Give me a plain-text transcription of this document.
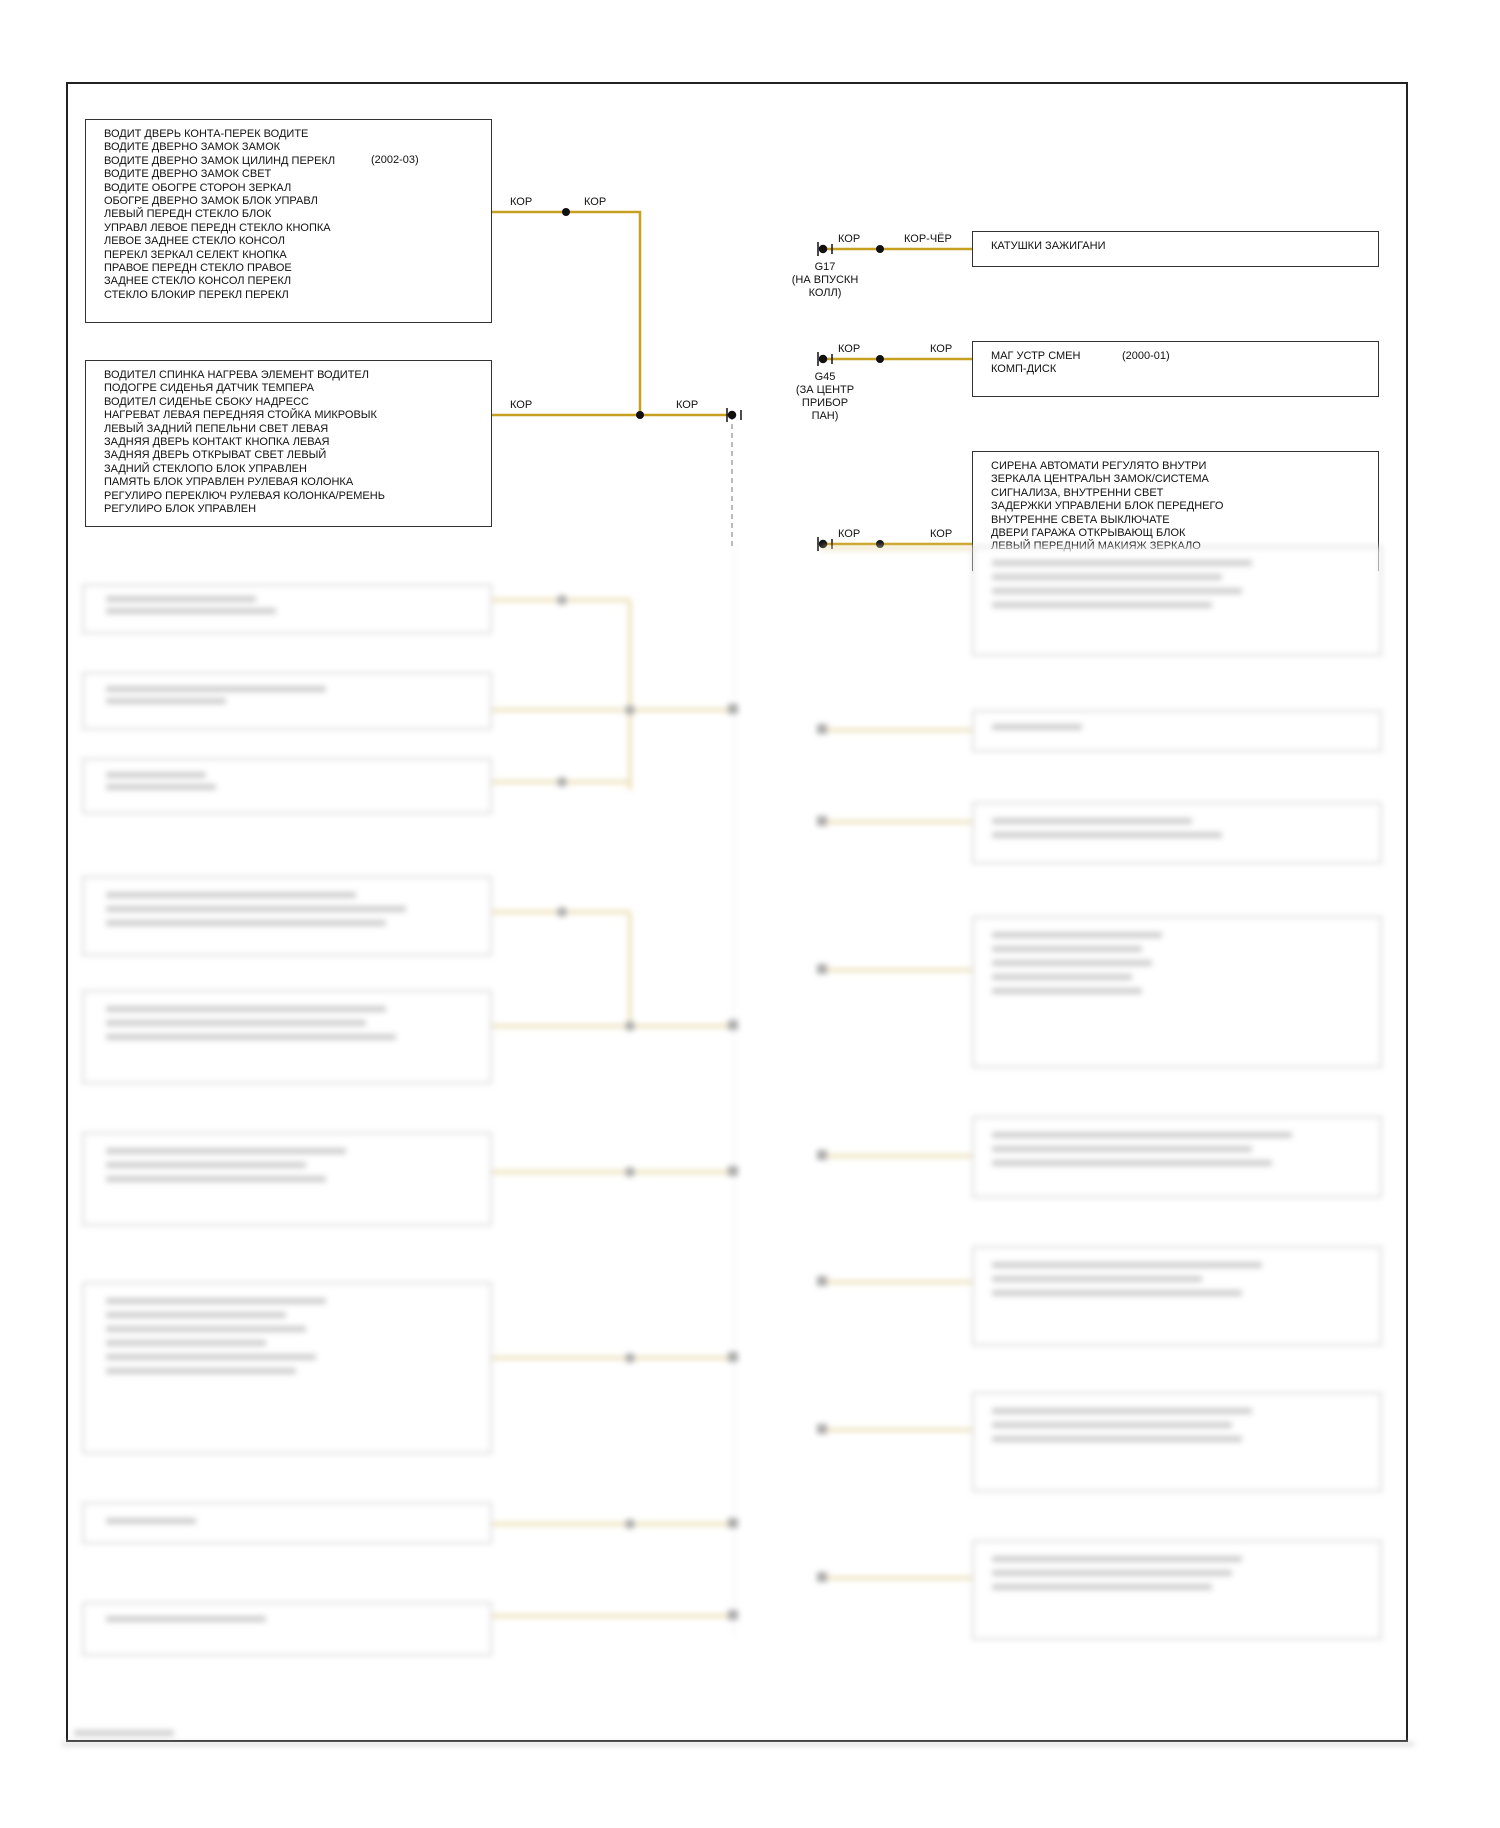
ВОДИТ ДВЕРЬ КОНТА-ПЕРЕК ВОДИТЕ
ВОДИТЕ ДВЕРНО ЗАМОК ЗАМОК
ВОДИТЕ ДВЕРНО ЗАМОК ЦИЛИНД ПЕРЕКЛ
ВОДИТЕ ДВЕРНО ЗАМОК СВЕТ
ВОДИТЕ ОБОГРЕ СТОРОН ЗЕРКАЛ
ОБОГРЕ ДВЕРНО ЗАМОК БЛОК УПРАВЛ
ЛЕВЫЙ ПЕРЕДН СТЕКЛО БЛОК
УПРАВЛ ЛЕВОЕ ПЕРЕДН СТЕКЛО КНОПКА
ЛЕВОЕ ЗАДНЕЕ СТЕКЛО КОНСОЛ
ПЕРЕКЛ ЗЕРКАЛ СЕЛЕКТ КНОПКА
ПРАВОЕ ПЕРЕДН СТЕКЛО ПРАВОЕ
ЗАДНЕЕ СТЕКЛО КОНСОЛ ПЕРЕКЛ
СТЕКЛО БЛОКИР ПЕРЕКЛ ПЕРЕКЛ
(2002-03)
ВОДИТЕЛ СПИНКА НАГРЕВА ЭЛЕМЕНТ ВОДИТЕЛ
ПОДОГРЕ СИДЕНЬЯ ДАТЧИК ТЕМПЕРА
ВОДИТЕЛ СИДЕНЬЕ СБОКУ НАДРЕСС
НАГРЕВАТ ЛЕВАЯ ПЕРЕДНЯЯ СТОЙКА МИКРОВЫК
ЛЕВЫЙ ЗАДНИЙ ПЕПЕЛЬНИ СВЕТ ЛЕВАЯ
ЗАДНЯЯ ДВЕРЬ КОНТАКТ КНОПКА ЛЕВАЯ
ЗАДНЯЯ ДВЕРЬ ОТКРЫВАТ СВЕТ ЛЕВЫЙ
ЗАДНИЙ СТЕКЛОПО БЛОК УПРАВЛЕН
ПАМЯТЬ БЛОК УПРАВЛЕН РУЛЕВАЯ КОЛОНКА
РЕГУЛИРО ПЕРЕКЛЮЧ РУЛЕВАЯ КОЛОНКА/РЕМЕНЬ
РЕГУЛИРО БЛОК УПРАВЛЕН
КОР	КОР
КОР	КОР
КОР	КОР-ЧЁР
КОР	КОР
КОР	КОР
G17
(НА ВПУСКН
КОЛЛ)
G45
(ЗА ЦЕНТР
ПРИБОР
ПАН)
КАТУШКИ ЗАЖИГАНИ
МАГ УСТР СМЕН
КОМП-ДИСК
(2000-01)
СИРЕНА АВТОМАТИ РЕГУЛЯТО ВНУТРИ
ЗЕРКАЛА ЦЕНТРАЛЬН ЗАМОК/СИСТЕМА
СИГНАЛИЗА, ВНУТРЕННИ СВЕТ
ЗАДЕРЖКИ УПРАВЛЕНИ БЛОК ПЕРЕДНЕГО
ВНУТРЕННЕ СВЕТА ВЫКЛЮЧАТЕ
ДВЕРИ ГАРАЖА ОТКРЫВАЮЩ БЛОК
